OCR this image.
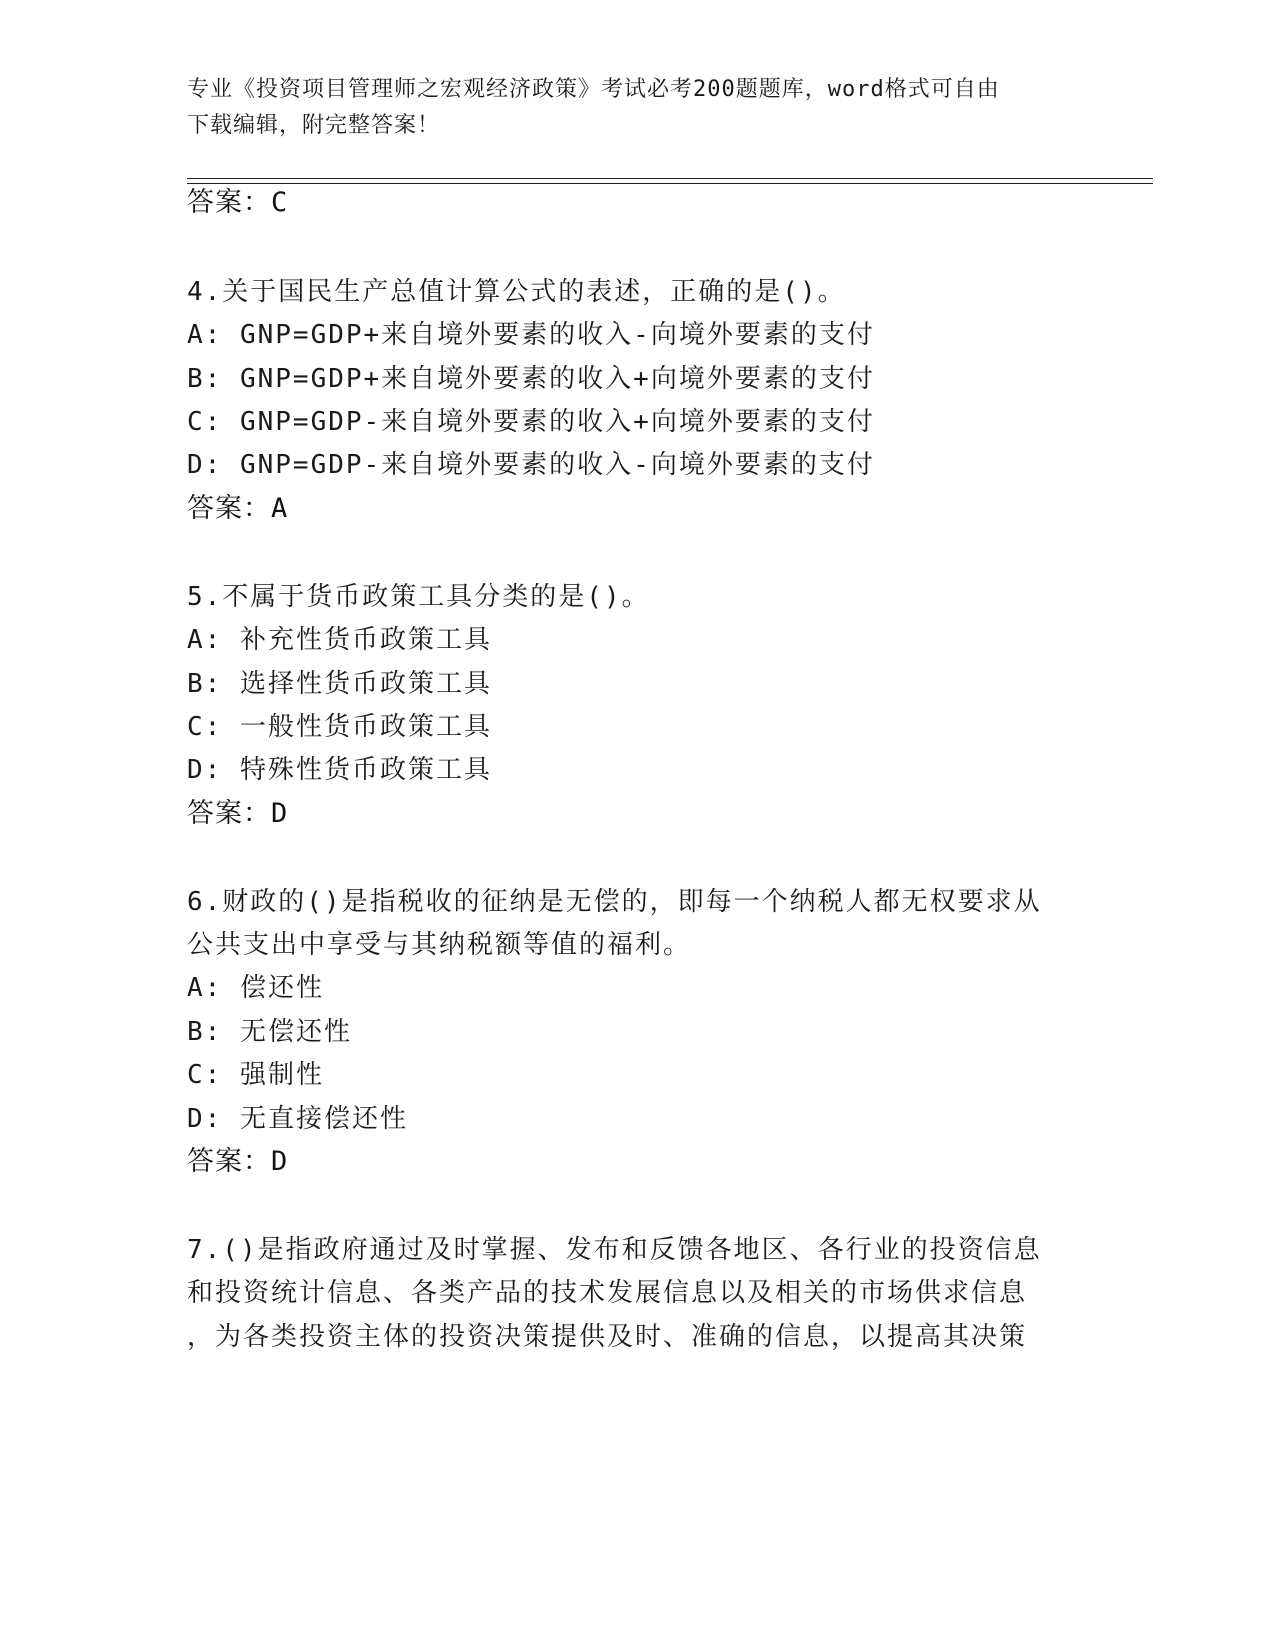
专业《投资项目管理师之宏观经济政策》考试必考200题题库，word格式可自由
下载编辑，附完整答案！
答案：C
4.关于国民生产总值计算公式的表述，正确的是()。
A: GNP=GDP+来自境外要素的收入-向境外要素的支付
B: GNP=GDP+来自境外要素的收入+向境外要素的支付
C: GNP=GDP-来自境外要素的收入+向境外要素的支付
D: GNP=GDP-来自境外要素的收入-向境外要素的支付
答案：A
5.不属于货币政策工具分类的是()。
A: 补充性货币政策工具
B: 选择性货币政策工具
C: 一般性货币政策工具
D: 特殊性货币政策工具
答案：D
6.财政的()是指税收的征纳是无偿的，即每一个纳税人都无权要求从
公共支出中享受与其纳税额等值的福利。
A: 偿还性
B: 无偿还性
C: 强制性
D: 无直接偿还性
答案：D
7.()是指政府通过及时掌握、发布和反馈各地区、各行业的投资信息
和投资统计信息、各类产品的技术发展信息以及相关的市场供求信息
，为各类投资主体的投资决策提供及时、准确的信息，以提高其决策
